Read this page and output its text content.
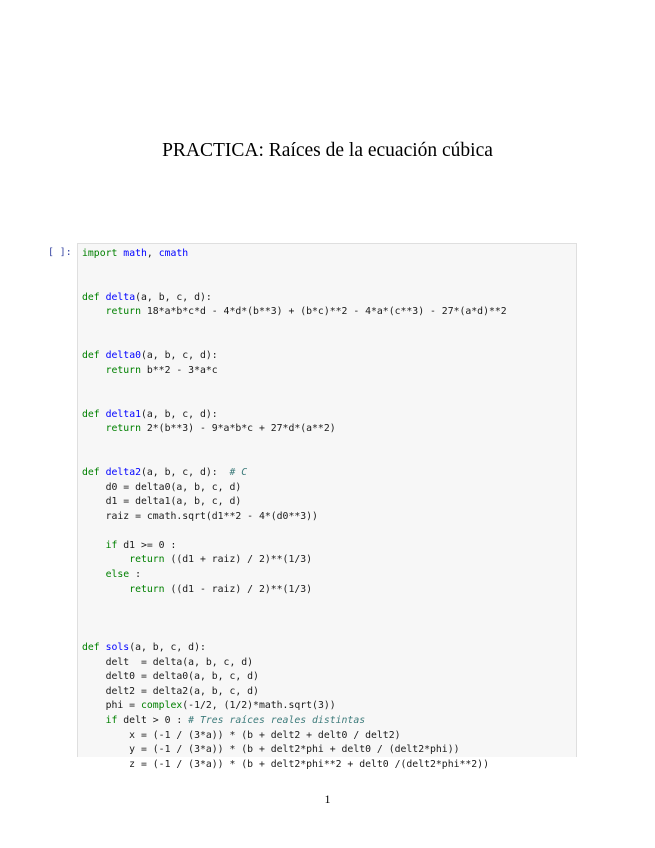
PRACTICA: Raíces de la ecuación cúbica
[ ]: import math, cmath
def delta(a, b, c, d):
return 18*a*b*c*d - 4*d*(b**3) + (b*c)**2 - 4*a*(c**3) - 27*(a*d)**2
def delta0(a, b, c, d):
return b**2 - 3*a*c
def delta1(a, b, c, d):
return 2*(b**3) - 9*a*b*c + 27*d*(a**2)
def delta2(a, b, c, d):  # C
d0 = delta0(a, b, c, d)
d1 = delta1(a, b, c, d)
raiz = cmath.sqrt(d1**2 - 4*(d0**3))
if d1 >= 0 :
return ((d1 + raiz) / 2)**(1/3)
else :
return ((d1 - raiz) / 2)**(1/3)
def sols(a, b, c, d):
delt  = delta(a, b, c, d)
delt0 = delta0(a, b, c, d)
delt2 = delta2(a, b, c, d)
phi = complex(-1/2, (1/2)*math.sqrt(3))
if delt > 0 : # Tres raíces reales distintas
x = (-1 / (3*a)) * (b + delt2 + delt0 / delt2)
y = (-1 / (3*a)) * (b + delt2*phi + delt0 / (delt2*phi))
z = (-1 / (3*a)) * (b + delt2*phi**2 + delt0 /(delt2*phi**2))
1
